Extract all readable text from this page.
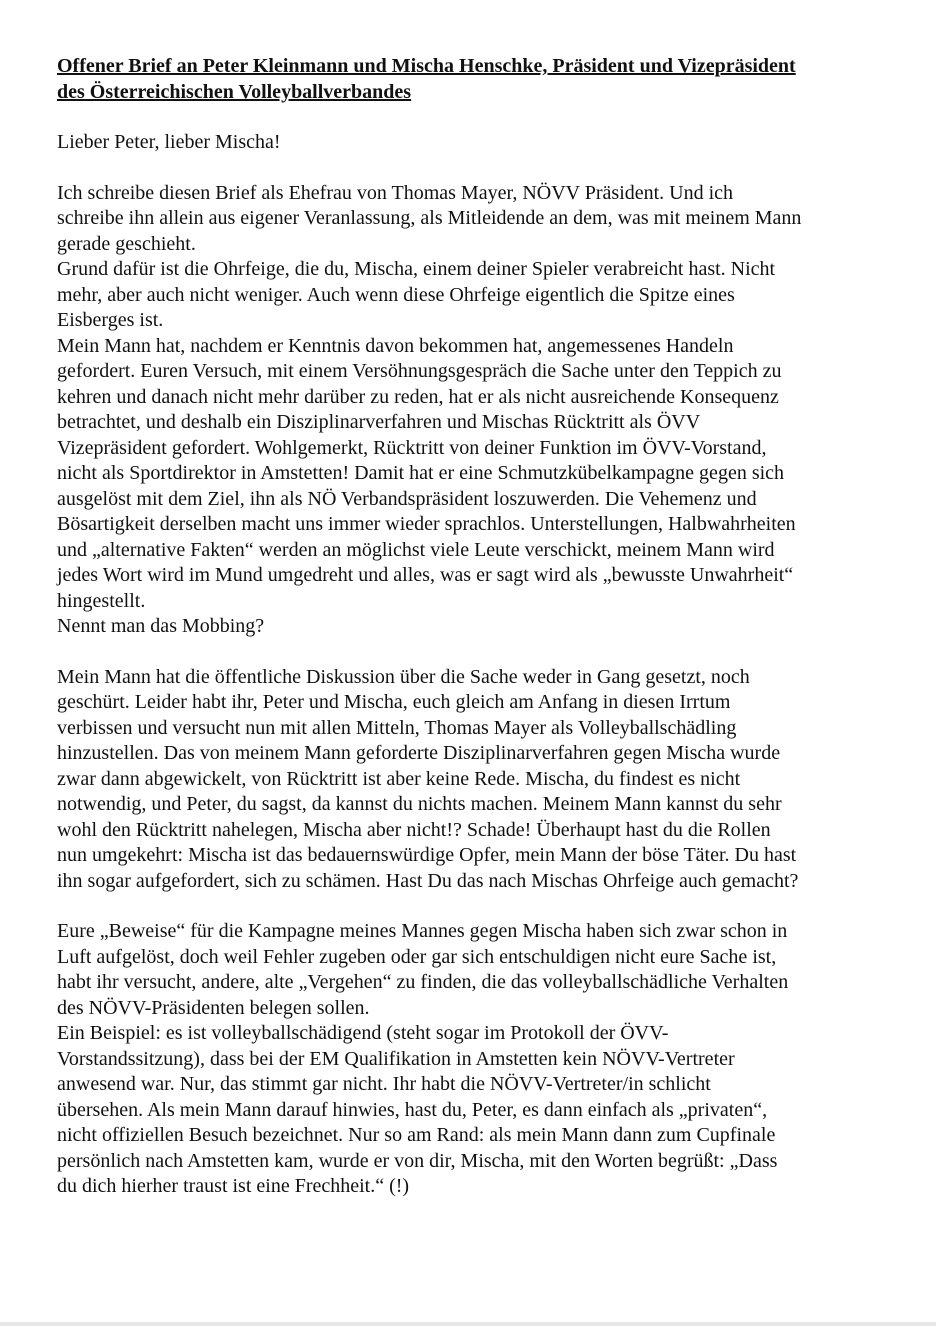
Offener Brief an Peter Kleinmann und Mischa Henschke, Präsident und Vizepräsident
des Österreichischen Volleyballverbandes
Lieber Peter, lieber Mischa!
Ich schreibe diesen Brief als Ehefrau von Thomas Mayer, NÖVV Präsident. Und ich
schreibe ihn allein aus eigener Veranlassung, als Mitleidende an dem, was mit meinem Mann
gerade geschieht.
Grund dafür ist die Ohrfeige, die du, Mischa, einem deiner Spieler verabreicht hast. Nicht
mehr, aber auch nicht weniger. Auch wenn diese Ohrfeige eigentlich die Spitze eines
Eisberges ist.
Mein Mann hat, nachdem er Kenntnis davon bekommen hat, angemessenes Handeln
gefordert. Euren Versuch, mit einem Versöhnungsgespräch die Sache unter den Teppich zu
kehren und danach nicht mehr darüber zu reden, hat er als nicht ausreichende Konsequenz
betrachtet, und deshalb ein Disziplinarverfahren und Mischas Rücktritt als ÖVV
Vizepräsident gefordert. Wohlgemerkt, Rücktritt von deiner Funktion im ÖVV-Vorstand,
nicht als Sportdirektor in Amstetten! Damit hat er eine Schmutzkübelkampagne gegen sich
ausgelöst mit dem Ziel, ihn als NÖ Verbandspräsident loszuwerden. Die Vehemenz und
Bösartigkeit derselben macht uns immer wieder sprachlos. Unterstellungen, Halbwahrheiten
und „alternative Fakten“ werden an möglichst viele Leute verschickt, meinem Mann wird
jedes Wort wird im Mund umgedreht und alles, was er sagt wird als „bewusste Unwahrheit“
hingestellt.
Nennt man das Mobbing?
Mein Mann hat die öffentliche Diskussion über die Sache weder in Gang gesetzt, noch
geschürt. Leider habt ihr, Peter und Mischa, euch gleich am Anfang in diesen Irrtum
verbissen und versucht nun mit allen Mitteln, Thomas Mayer als Volleyballschädling
hinzustellen. Das von meinem Mann geforderte Disziplinarverfahren gegen Mischa wurde
zwar dann abgewickelt, von Rücktritt ist aber keine Rede. Mischa, du findest es nicht
notwendig, und Peter, du sagst, da kannst du nichts machen. Meinem Mann kannst du sehr
wohl den Rücktritt nahelegen, Mischa aber nicht!? Schade! Überhaupt hast du die Rollen
nun umgekehrt: Mischa ist das bedauernswürdige Opfer, mein Mann der böse Täter. Du hast
ihn sogar aufgefordert, sich zu schämen. Hast Du das nach Mischas Ohrfeige auch gemacht?
Eure „Beweise“ für die Kampagne meines Mannes gegen Mischa haben sich zwar schon in
Luft aufgelöst, doch weil Fehler zugeben oder gar sich entschuldigen nicht eure Sache ist,
habt ihr versucht, andere, alte „Vergehen“ zu finden, die das volleyballschädliche Verhalten
des NÖVV-Präsidenten belegen sollen.
Ein Beispiel: es ist volleyballschädigend (steht sogar im Protokoll der ÖVV-
Vorstandssitzung), dass bei der EM Qualifikation in Amstetten kein NÖVV-Vertreter
anwesend war. Nur, das stimmt gar nicht. Ihr habt die NÖVV-Vertreter/in schlicht
übersehen. Als mein Mann darauf hinwies, hast du, Peter, es dann einfach als „privaten“,
nicht offiziellen Besuch bezeichnet. Nur so am Rand: als mein Mann dann zum Cupfinale
persönlich nach Amstetten kam, wurde er von dir, Mischa, mit den Worten begrüßt: „Dass
du dich hierher traust ist eine Frechheit.“ (!)
